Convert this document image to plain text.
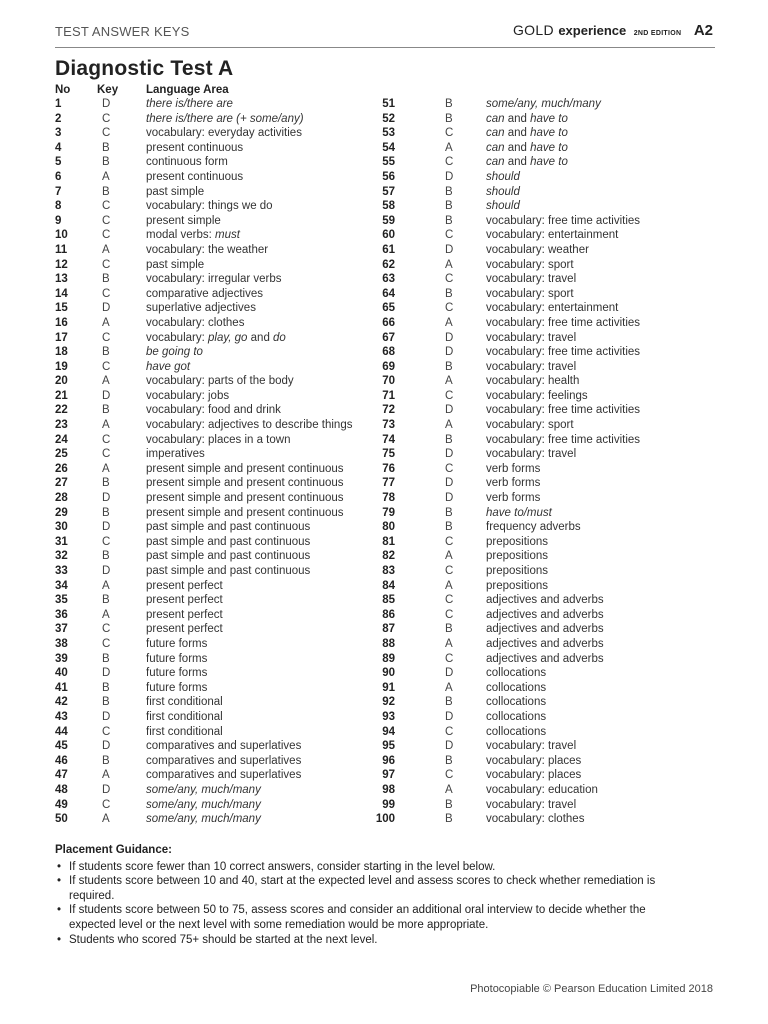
TEST ANSWER KEYS	GOLD experience 2ND EDITION A2
Diagnostic Test A
No Key Language Area
1	D	there is/there are
2	C	there is/there are (+ some/any)
3	C	vocabulary: everyday activities
4	B	present continuous
5	B	continuous form
6	A	present continuous
7	B	past simple
8	C	vocabulary: things we do
9	C	present simple
10	C	modal verbs: must
11	A	vocabulary: the weather
12	C	past simple
13	B	vocabulary: irregular verbs
14	C	comparative adjectives
15	D	superlative adjectives
16	A	vocabulary: clothes
17	C	vocabulary: play, go and do
18	B	be going to
19	C	have got
20	A	vocabulary: parts of the body
21	D	vocabulary: jobs
22	B	vocabulary: food and drink
23	A	vocabulary: adjectives to describe things
24	C	vocabulary: places in a town
25	C	imperatives
26	A	present simple and present continuous
27	B	present simple and present continuous
28	D	present simple and present continuous
29	B	present simple and present continuous
30	D	past simple and past continuous
31	C	past simple and past continuous
32	B	past simple and past continuous
33	D	past simple and past continuous
34	A	present perfect
35	B	present perfect
36	A	present perfect
37	C	present perfect
38	C	future forms
39	B	future forms
40	D	future forms
41	B	future forms
42	B	first conditional
43	D	first conditional
44	C	first conditional
45	D	comparatives and superlatives
46	B	comparatives and superlatives
47	A	comparatives and superlatives
48	D	some/any, much/many
49	C	some/any, much/many
50	A	some/any, much/many
51	B	some/any, much/many
52	B	can and have to
53	C	can and have to
54	A	can and have to
55	C	can and have to
56	D	should
57	B	should
58	B	should
59	B	vocabulary: free time activities
60	C	vocabulary: entertainment
61	D	vocabulary: weather
62	A	vocabulary: sport
63	C	vocabulary: travel
64	B	vocabulary: sport
65	C	vocabulary: entertainment
66	A	vocabulary: free time activities
67	D	vocabulary: travel
68	D	vocabulary: free time activities
69	B	vocabulary: travel
70	A	vocabulary: health
71	C	vocabulary: feelings
72	D	vocabulary: free time activities
73	A	vocabulary: sport
74	B	vocabulary: free time activities
75	D	vocabulary: travel
76	C	verb forms
77	D	verb forms
78	D	verb forms
79	B	have to/must
80	B	frequency adverbs
81	C	prepositions
82	A	prepositions
83	C	prepositions
84	A	prepositions
85	C	adjectives and adverbs
86	C	adjectives and adverbs
87	B	adjectives and adverbs
88	A	adjectives and adverbs
89	C	adjectives and adverbs
90	D	collocations
91	A	collocations
92	B	collocations
93	D	collocations
94	C	collocations
95	D	vocabulary: travel
96	B	vocabulary: places
97	C	vocabulary: places
98	A	vocabulary: education
99	B	vocabulary: travel
100	B	vocabulary: clothes
Placement Guidance:
• If students score fewer than 10 correct answers, consider starting in the level below.
• If students score between 10 and 40, start at the expected level and assess scores to check whether remediation is required.
• If students score between 50 to 75, assess scores and consider an additional oral interview to decide whether the expected level or the next level with some remediation would be more appropriate.
• Students who scored 75+ should be started at the next level.
Photocopiable © Pearson Education Limited 2018
